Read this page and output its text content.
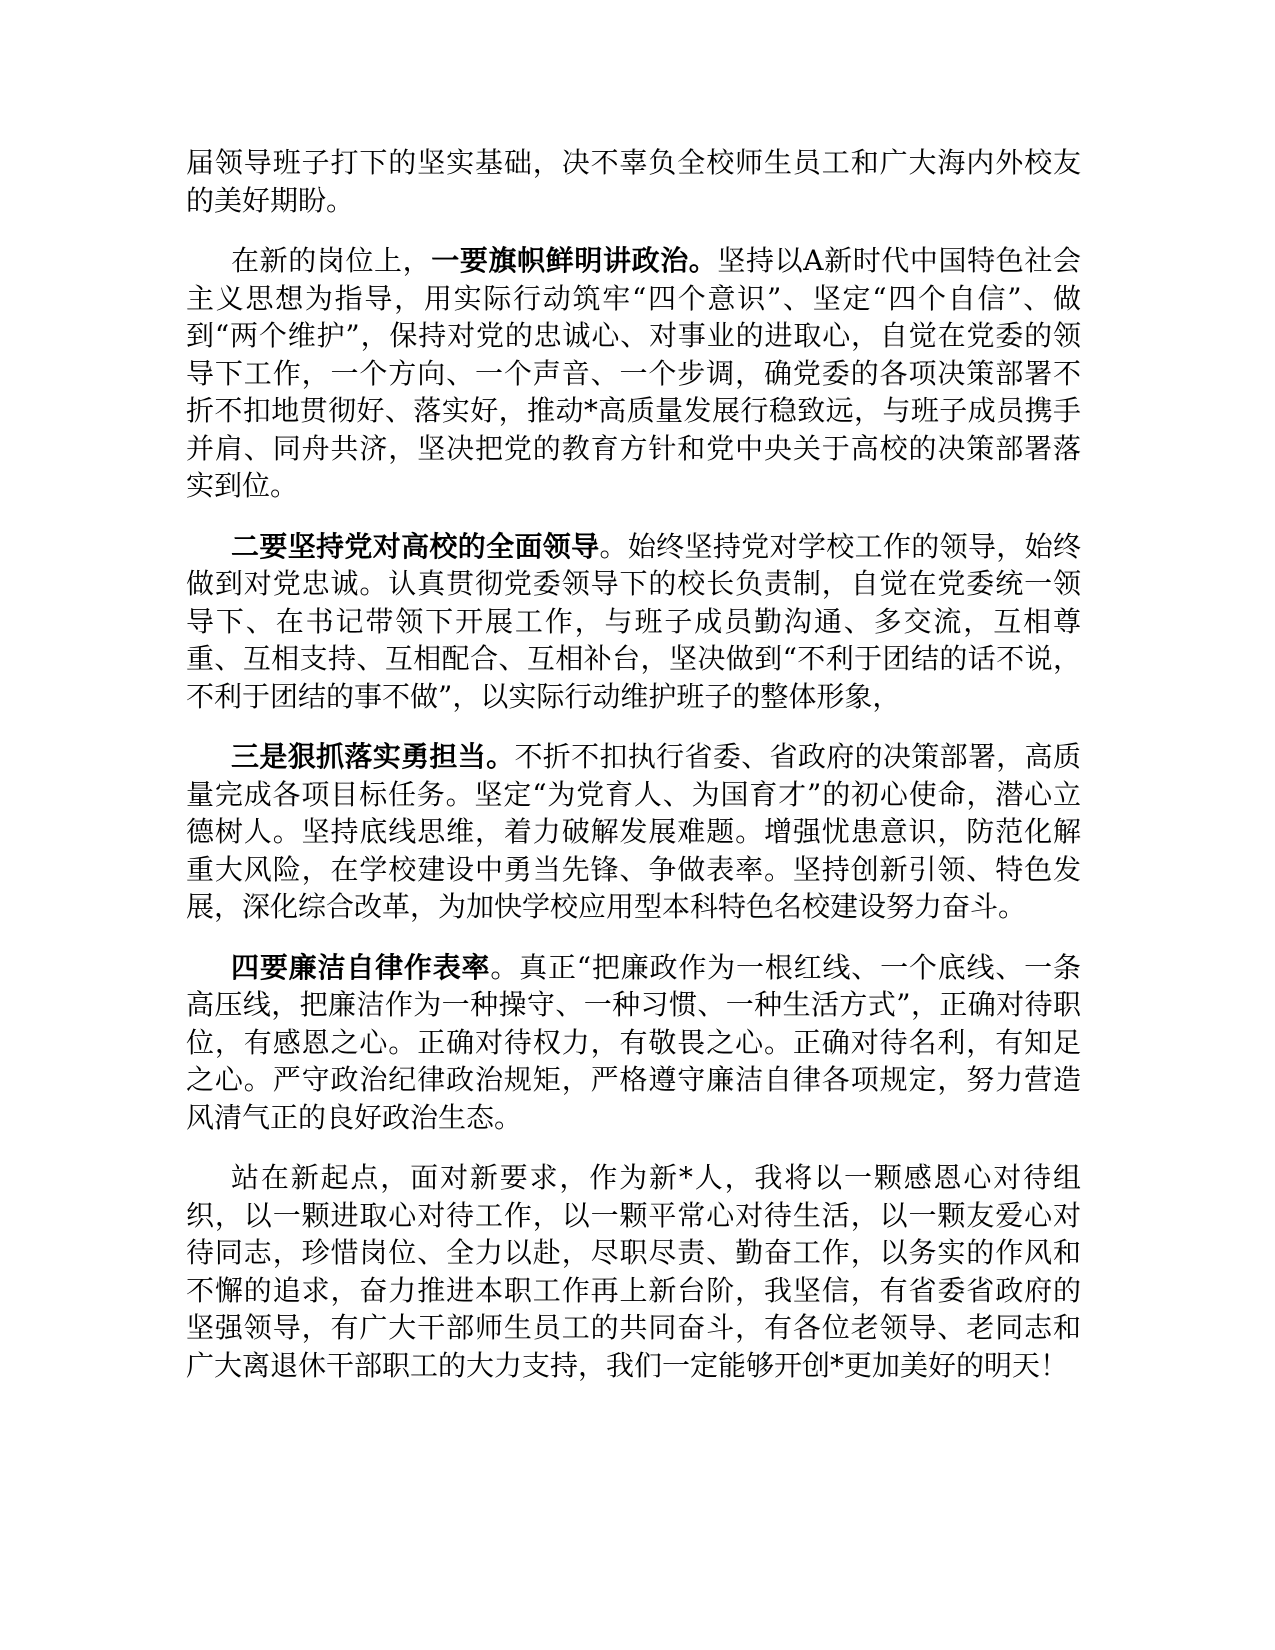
届领导班子打下的坚实基础，决不辜负全校师生员工和广大海内外校友的美好期盼。

在新的岗位上，一要旗帜鲜明讲政治。坚持以A新时代中国特色社会主义思想为指导，用实际行动筑牢“四个意识”、坚定“四个自信”、做到“两个维护”，保持对党的忠诚心、对事业的进取心，自觉在党委的领导下工作，一个方向、一个声音、一个步调，确党委的各项决策部署不折不扣地贯彻好、落实好，推动*高质量发展行稳致远，与班子成员携手并肩、同舟共济，坚决把党的教育方针和党中央关于高校的决策部署落实到位。

二要坚持党对高校的全面领导。始终坚持党对学校工作的领导，始终做到对党忠诚。认真贯彻党委领导下的校长负责制，自觉在党委统一领导下、在书记带领下开展工作，与班子成员勤沟通、多交流，互相尊重、互相支持、互相配合、互相补台，坚决做到“不利于团结的话不说，不利于团结的事不做”，以实际行动维护班子的整体形象，

三是狠抓落实勇担当。不折不扣执行省委、省政府的决策部署，高质量完成各项目标任务。坚定“为党育人、为国育才”的初心使命，潜心立德树人。坚持底线思维，着力破解发展难题。增强忧患意识，防范化解重大风险，在学校建设中勇当先锋、争做表率。坚持创新引领、特色发展，深化综合改革，为加快学校应用型本科特色名校建设努力奋斗。

四要廉洁自律作表率。真正“把廉政作为一根红线、一个底线、一条高压线，把廉洁作为一种操守、一种习惯、一种生活方式”，正确对待职位，有感恩之心。正确对待权力，有敬畏之心。正确对待名利，有知足之心。严守政治纪律政治规矩，严格遵守廉洁自律各项规定，努力营造风清气正的良好政治生态。

站在新起点，面对新要求，作为新*人，我将以一颗感恩心对待组织，以一颗进取心对待工作，以一颗平常心对待生活，以一颗友爱心对待同志，珍惜岗位、全力以赴，尽职尽责、勤奋工作，以务实的作风和不懈的追求，奋力推进本职工作再上新台阶，我坚信，有省委省政府的坚强领导，有广大干部师生员工的共同奋斗，有各位老领导、老同志和广大离退休干部职工的大力支持，我们一定能够开创*更加美好的明天！
